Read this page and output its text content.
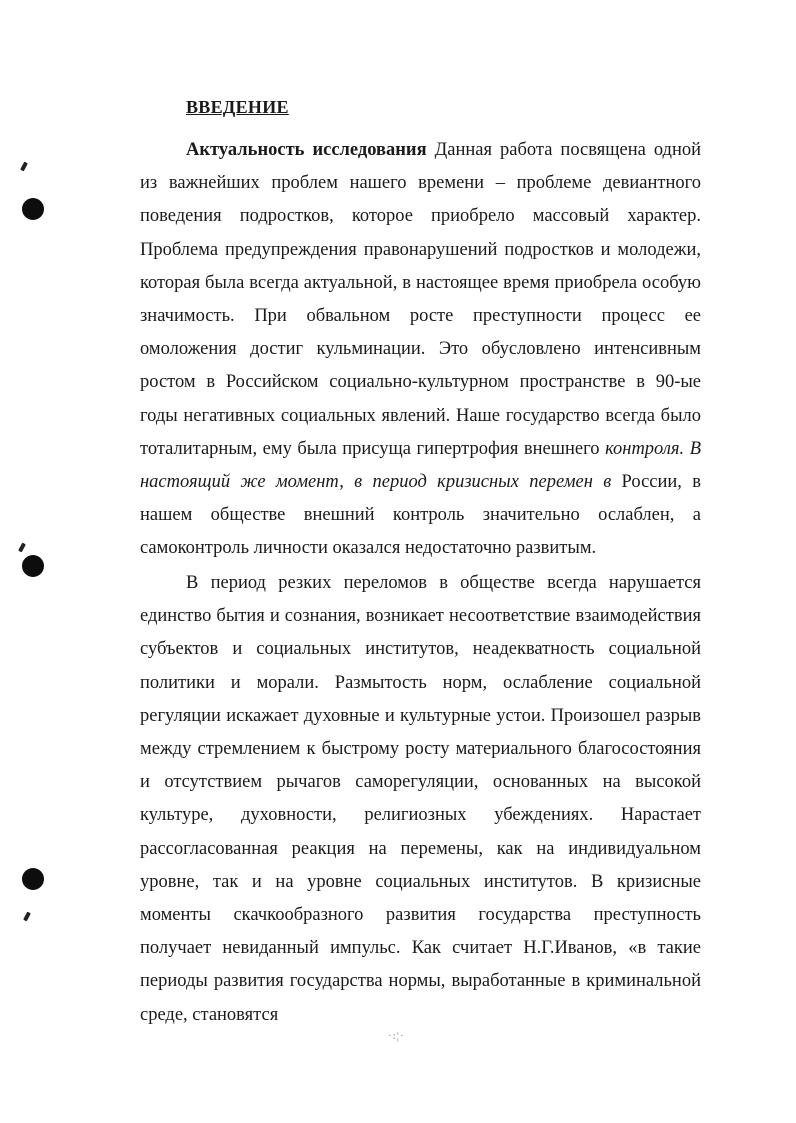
ВВЕДЕНИЕ

Актуальность исследования Данная работа посвящена одной из важнейших проблем нашего времени – проблеме девиантного поведения подростков, которое приобрело массовый характер. Проблема предупреждения правонарушений подростков и молодежи, которая была всегда актуальной, в настоящее время приобрела особую значимость. При обвальном росте преступности процесс ее омоложения достиг кульминации. Это обусловлено интенсивным ростом в Российском социально-культурном пространстве в 90-ые годы негативных социальных явлений. Наше государство всегда было тоталитарным, ему была присуща гипертрофия внешнего контроля. В настоящий же момент, в период кризисных перемен в России, в нашем обществе внешний контроль значительно ослаблен, а самоконтроль личности оказался недостаточно развитым.

В период резких переломов в обществе всегда нарушается единство бытия и сознания, возникает несоответствие взаимодействия субъектов и социальных институтов, неадекватность социальной политики и морали. Размытость норм, ослабление социальной регуляции искажает духовные и культурные устои. Произошел разрыв между стремлением к быстрому росту материального благосостояния и отсутствием рычагов саморегуляции, основанных на высокой культуре, духовности, религиозных убеждениях. Нарастает рассогласованная реакция на перемены, как на индивидуальном уровне, так и на уровне социальных институтов. В кризисные моменты скачкообразного развития государства преступность получает невиданный импульс. Как считает Н.Г.Иванов, «в такие периоды развития государства нормы, выработанные в криминальной среде, становятся

·:¦·
